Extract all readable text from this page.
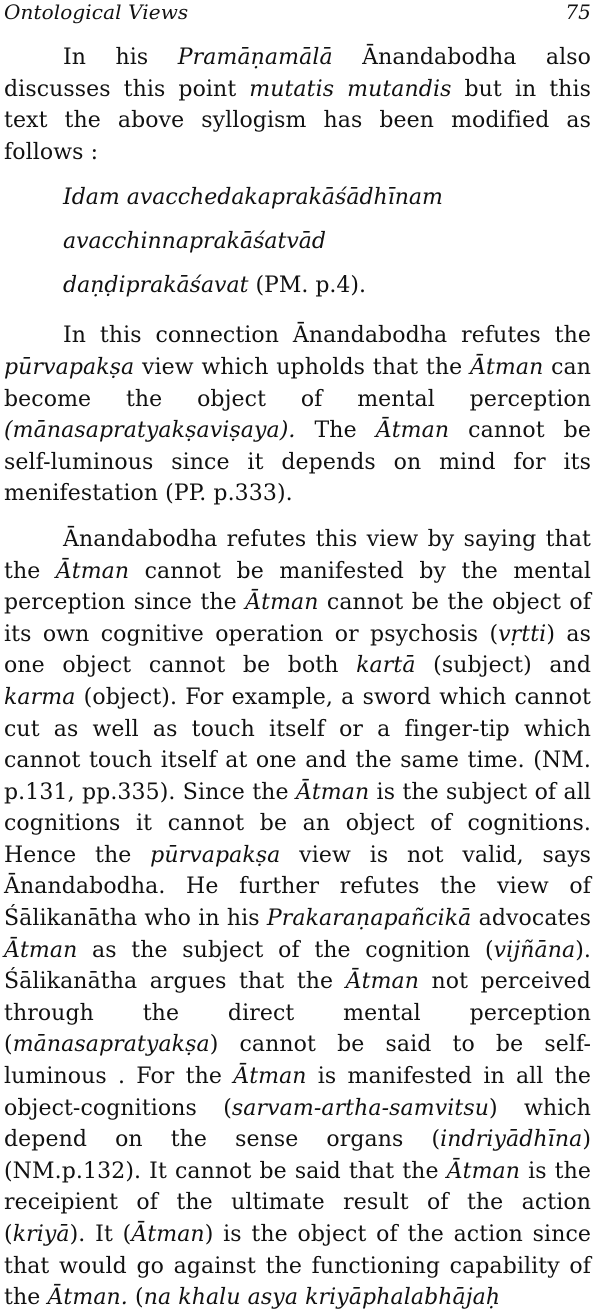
Ontological Views	75

In his Pramāṇamālā Ānandabodha also discusses this point mutatis mutandis but in this text the above syllogism has been modified as follows :

Idam avacchedakaprakāśādhīnam

avacchinnaprakāśatvād

daṇḍiprakāśavat (PM. p.4).

In this connection Ānandabodha refutes the pūrvapakṣa view which upholds that the Ātman can become the object of mental perception (mānasapratyakṣaviṣaya). The Ātman cannot be self-luminous since it depends on mind for its menifestation (PP. p.333).

Ānandabodha refutes this view by saying that the Ātman cannot be manifested by the mental perception since the Ātman cannot be the object of its own cognitive operation or psychosis (vṛtti) as one object cannot be both kartā (subject) and karma (object). For example, a sword which cannot cut as well as touch itself or a finger-tip which cannot touch itself at one and the same time. (NM. p.131, pp.335). Since the Ātman is the subject of all cognitions it cannot be an object of cognitions. Hence the pūrvapakṣa view is not valid, says Ānandabodha. He further refutes the view of Śālikanātha who in his Prakaraṇapañcikā advocates Ātman as the subject of the cognition (vijñāna). Śālikanātha argues that the Ātman not perceived through the direct mental perception (mānasapratyakṣa) cannot be said to be self-luminous . For the Ātman is manifested in all the object-cognitions (sarvam-artha-samvitsu) which depend on the sense organs (indriyādhīna) (NM.p.132). It cannot be said that the Ātman is the receipient of the ultimate result of the action (kriyā). It (Ātman) is the object of the action since that would go against the functioning capability of the Ātman. (na khalu asya kriyāphalabhājaḥ
